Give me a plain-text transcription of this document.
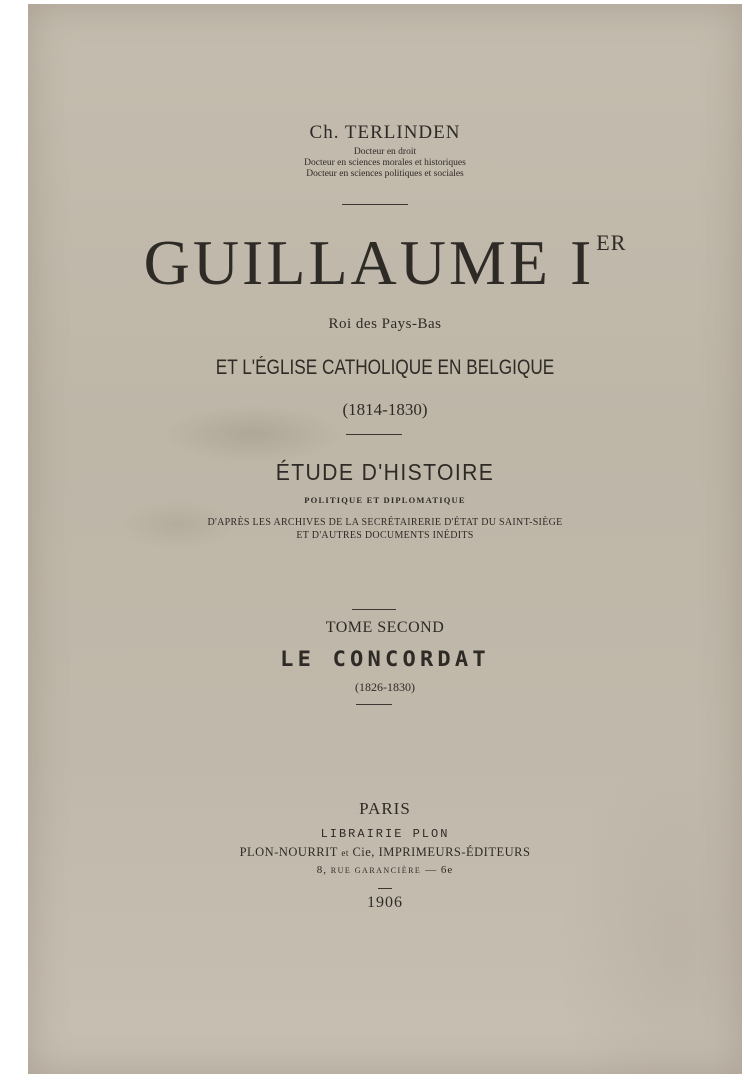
Ch. TERLINDEN
Docteur en droit
Docteur en sciences morales et historiques
Docteur en sciences politiques et sociales
GUILLAUME IER
Roi des Pays-Bas
ET L'ÉGLISE CATHOLIQUE EN BELGIQUE
(1814-1830)
ÉTUDE D'HISTOIRE
POLITIQUE ET DIPLOMATIQUE
D'APRÈS LES ARCHIVES DE LA SECRÉTAIRERIE D'ÉTAT DU SAINT-SIÈGE
ET D'AUTRES DOCUMENTS INÉDITS
TOME SECOND
LE CONCORDAT
(1826-1830)
PARIS
LIBRAIRIE PLON
PLON-NOURRIT et Cie, IMPRIMEURS-ÉDITEURS
8, RUE GARANCIÈRE — 6e
1906
